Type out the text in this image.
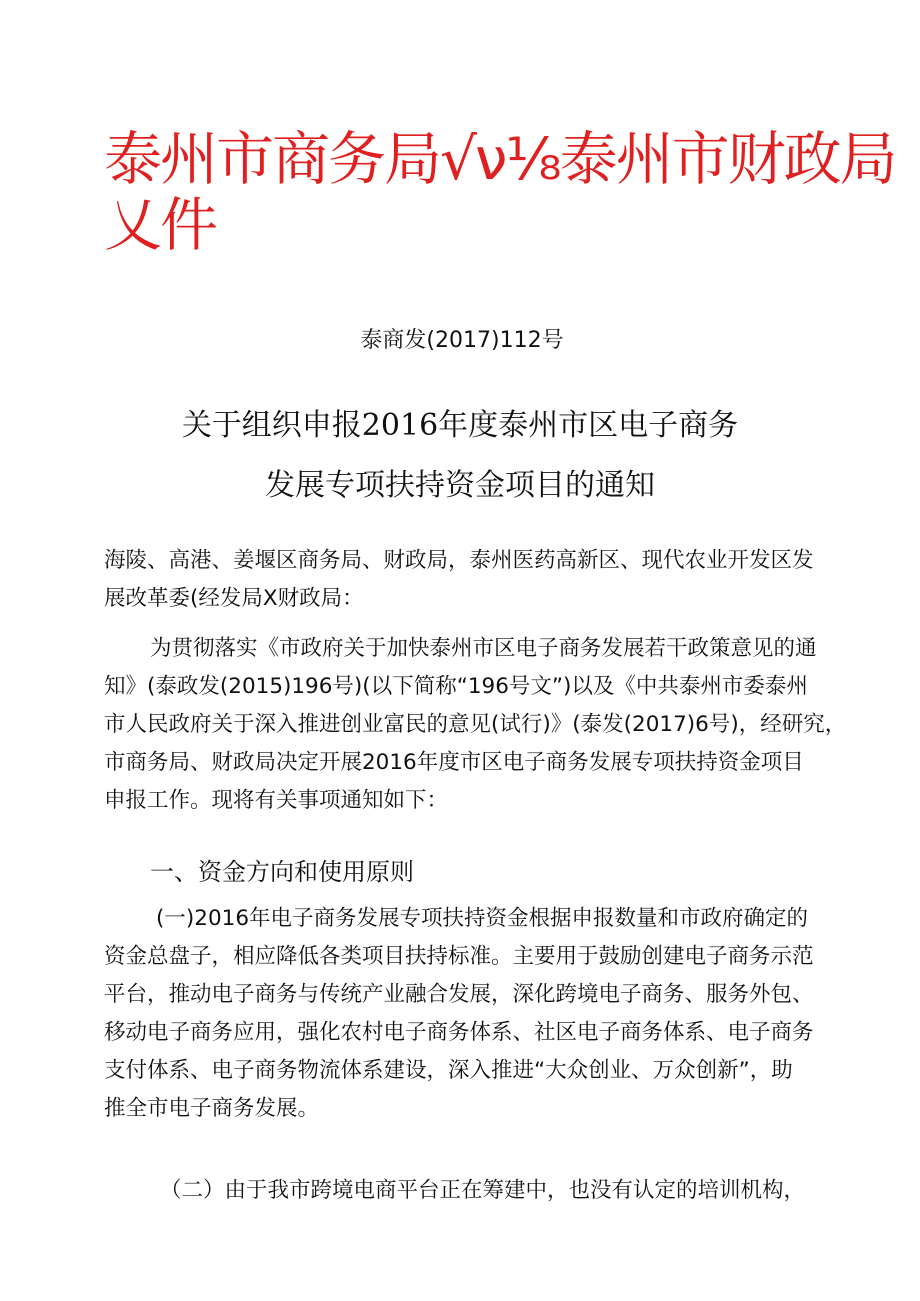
泰州市商务局√ν⅛泰州市财政局
乂件
泰商发(2017)112号
关于组织申报2016年度泰州市区电子商务
发展专项扶持资金项目的通知
海陵、高港、姜堰区商务局、财政局，泰州医药高新区、现代农业开发区发
展改革委(经发局X财政局：
为贯彻落实《市政府关于加快泰州市区电子商务发展若干政策意见的通
知》(泰政发(2015)196号)(以下简称“196号文”)以及《中共泰州市委泰州
市人民政府关于深入推进创业富民的意见(试行)》(泰发(2017)6号)，经研究，
市商务局、财政局决定开展2016年度市区电子商务发展专项扶持资金项目
申报工作。现将有关事项通知如下：
一、资金方向和使用原则
(一)2016年电子商务发展专项扶持资金根据申报数量和市政府确定的
资金总盘子，相应降低各类项目扶持标准。主要用于鼓励创建电子商务示范
平台，推动电子商务与传统产业融合发展，深化跨境电子商务、服务外包、
移动电子商务应用，强化农村电子商务体系、社区电子商务体系、电子商务
支付体系、电子商务物流体系建设，深入推进“大众创业、万众创新”，助
推全市电子商务发展。
（二）由于我市跨境电商平台正在筹建中，也没有认定的培训机构，
